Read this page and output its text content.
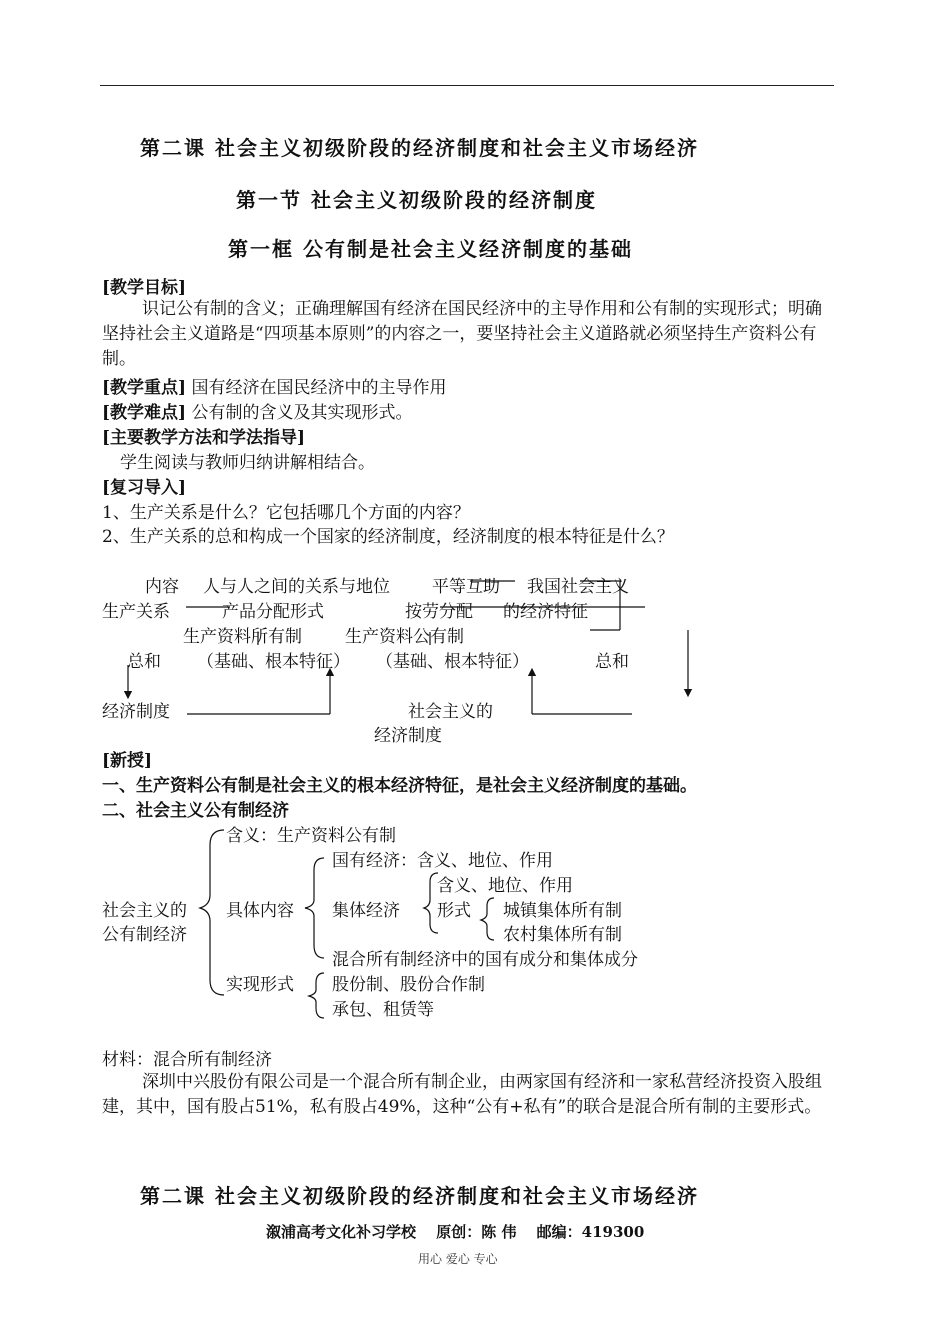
第二课 社会主义初级阶段的经济制度和社会主义市场经济
第一节 社会主义初级阶段的经济制度
第一框 公有制是社会主义经济制度的基础
[教学目标]
识记公有制的含义；正确理解国有经济在国民经济中的主导作用和公有制的实现形式；明确坚持社会主义道路是“四项基本原则”的内容之一，要坚持社会主义道路就必须坚持生产资料公有制。
[教学重点] 国有经济在国民经济中的主导作用
[教学难点] 公有制的含义及其实现形式。
[主要教学方法和学法指导]
学生阅读与教师归纳讲解相结合。
[复习导入]
1、生产关系是什么？它包括哪几个方面的内容？
2、生产关系的总和构成一个国家的经济制度，经济制度的根本特征是什么？
内容 人与人之间的关系与地位 平等互助 我国社会主义
生产关系	产品分配形式	按劳分配 的经济特征
生产资料所有制	生产资料公有制
总和 （基础、根本特征） （基础、根本特征）	总和
经济制度	社会主义的
经济制度
[新授]
一、生产资料公有制是社会主义的根本经济特征，是社会主义经济制度的基础。
二、社会主义公有制经济
含义：生产资料公有制
国有经济：含义、地位、作用
含义、地位、作用
社会主义的 具体内容 集体经济 形式 城镇集体所有制
公有制经济	农村集体所有制
混合所有制经济中的国有成分和集体成分
实现形式 股份制、股份合作制
承包、租赁等
材料：混合所有制经济
深圳中兴股份有限公司是一个混合所有制企业，由两家国有经济和一家私营经济投资入股组建，其中，国有股占51%，私有股占49%，这种“公有+私有”的联合是混合所有制的主要形式。
第二课 社会主义初级阶段的经济制度和社会主义市场经济
溆浦高考文化补习学校　 原创：陈 伟　 邮编：419300
用心 爱心 专心
